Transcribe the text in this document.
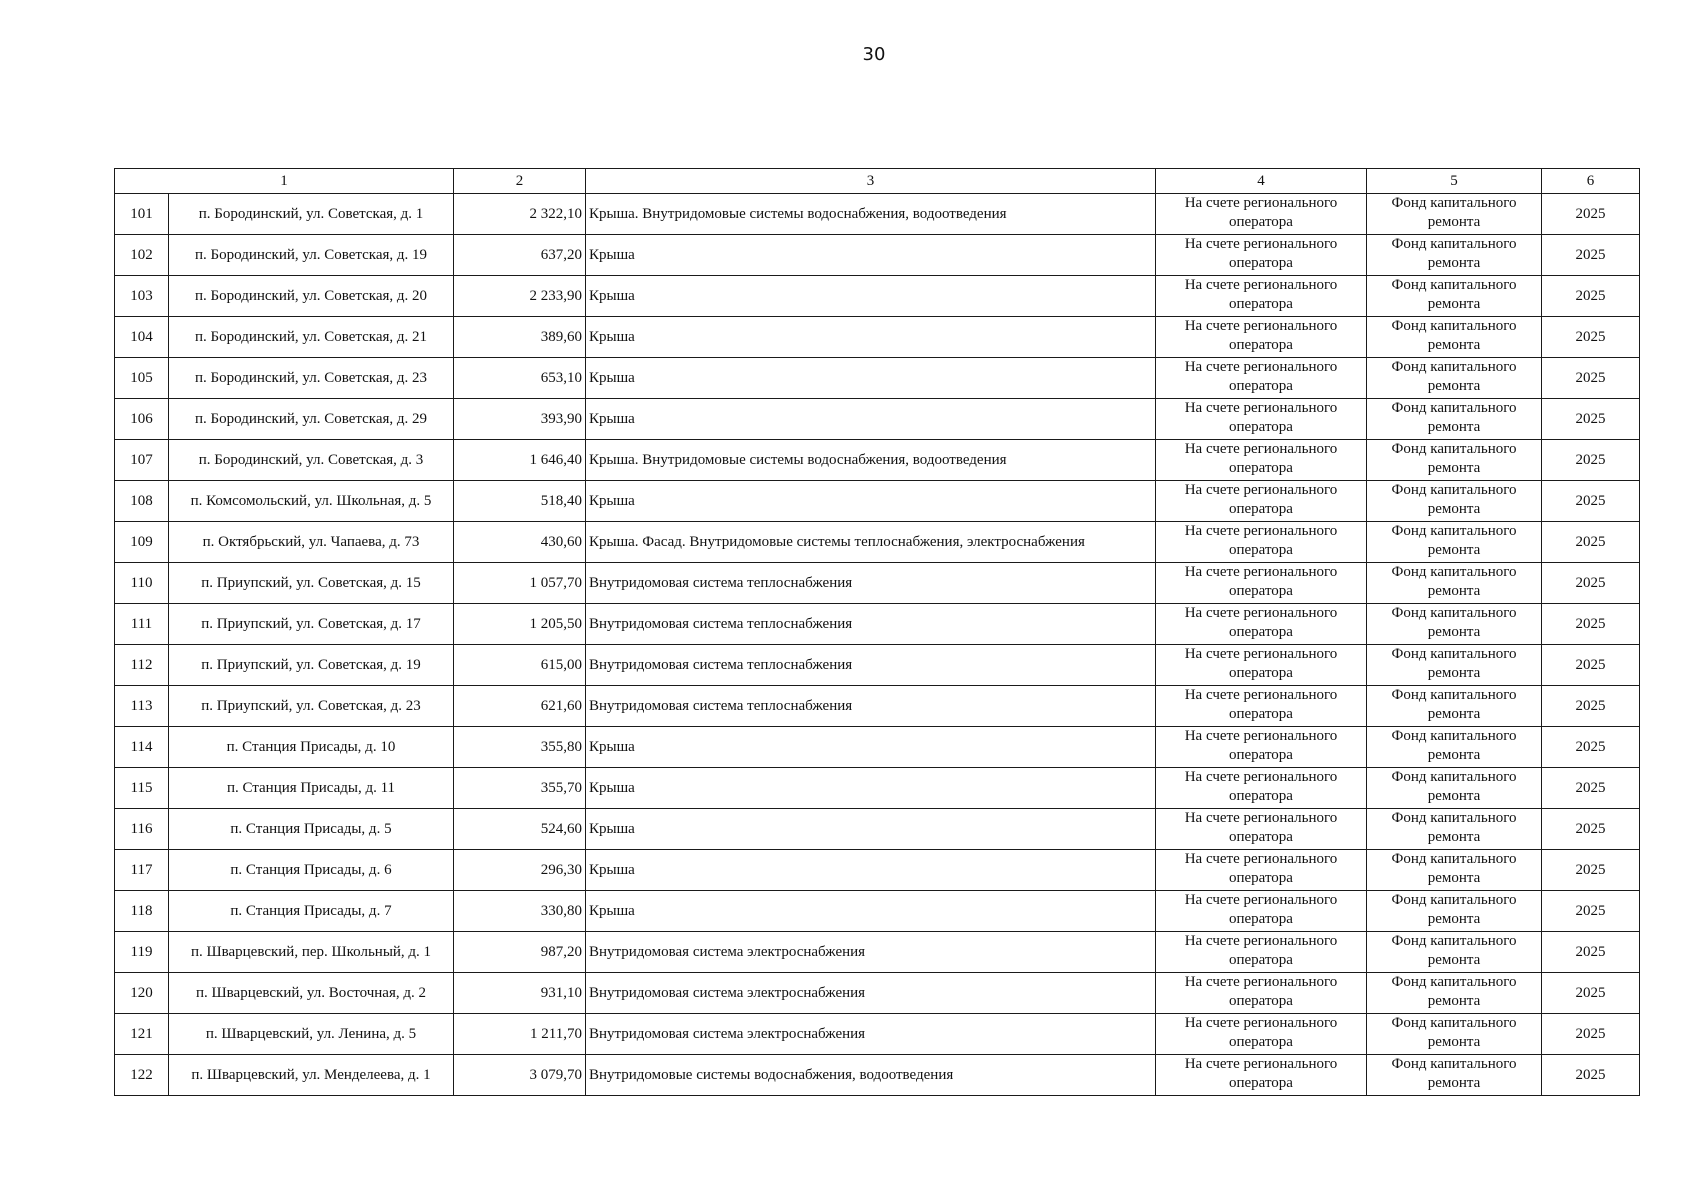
30
1		2	3	4	5	6
101	п. Бородинский, ул. Советская, д. 1	2 322,10	Крыша. Внутридомовые системы водоснабжения, водоотведения	На счете регионального оператора	Фонд капитального ремонта	2025
102	п. Бородинский, ул. Советская, д. 19	637,20	Крыша	На счете регионального оператора	Фонд капитального ремонта	2025
103	п. Бородинский, ул. Советская, д. 20	2 233,90	Крыша	На счете регионального оператора	Фонд капитального ремонта	2025
104	п. Бородинский, ул. Советская, д. 21	389,60	Крыша	На счете регионального оператора	Фонд капитального ремонта	2025
105	п. Бородинский, ул. Советская, д. 23	653,10	Крыша	На счете регионального оператора	Фонд капитального ремонта	2025
106	п. Бородинский, ул. Советская, д. 29	393,90	Крыша	На счете регионального оператора	Фонд капитального ремонта	2025
107	п. Бородинский, ул. Советская, д. 3	1 646,40	Крыша. Внутридомовые системы водоснабжения, водоотведения	На счете регионального оператора	Фонд капитального ремонта	2025
108	п. Комсомольский, ул. Школьная, д. 5	518,40	Крыша	На счете регионального оператора	Фонд капитального ремонта	2025
109	п. Октябрьский, ул. Чапаева, д. 73	430,60	Крыша. Фасад. Внутридомовые системы теплоснабжения, электроснабжения	На счете регионального оператора	Фонд капитального ремонта	2025
110	п. Приупский, ул. Советская, д. 15	1 057,70	Внутридомовая система теплоснабжения	На счете регионального оператора	Фонд капитального ремонта	2025
111	п. Приупский, ул. Советская, д. 17	1 205,50	Внутридомовая система теплоснабжения	На счете регионального оператора	Фонд капитального ремонта	2025
112	п. Приупский, ул. Советская, д. 19	615,00	Внутридомовая система теплоснабжения	На счете регионального оператора	Фонд капитального ремонта	2025
113	п. Приупский, ул. Советская, д. 23	621,60	Внутридомовая система теплоснабжения	На счете регионального оператора	Фонд капитального ремонта	2025
114	п. Станция Присады, д. 10	355,80	Крыша	На счете регионального оператора	Фонд капитального ремонта	2025
115	п. Станция Присады, д. 11	355,70	Крыша	На счете регионального оператора	Фонд капитального ремонта	2025
116	п. Станция Присады, д. 5	524,60	Крыша	На счете регионального оператора	Фонд капитального ремонта	2025
117	п. Станция Присады, д. 6	296,30	Крыша	На счете регионального оператора	Фонд капитального ремонта	2025
118	п. Станция Присады, д. 7	330,80	Крыша	На счете регионального оператора	Фонд капитального ремонта	2025
119	п. Шварцевский, пер. Школьный, д. 1	987,20	Внутридомовая система электроснабжения	На счете регионального оператора	Фонд капитального ремонта	2025
120	п. Шварцевский, ул. Восточная, д. 2	931,10	Внутридомовая система электроснабжения	На счете регионального оператора	Фонд капитального ремонта	2025
121	п. Шварцевский, ул. Ленина, д. 5	1 211,70	Внутридомовая система электроснабжения	На счете регионального оператора	Фонд капитального ремонта	2025
122	п. Шварцевский, ул. Менделеева, д. 1	3 079,70	Внутридомовые системы водоснабжения, водоотведения	На счете регионального оператора	Фонд капитального ремонта	2025
